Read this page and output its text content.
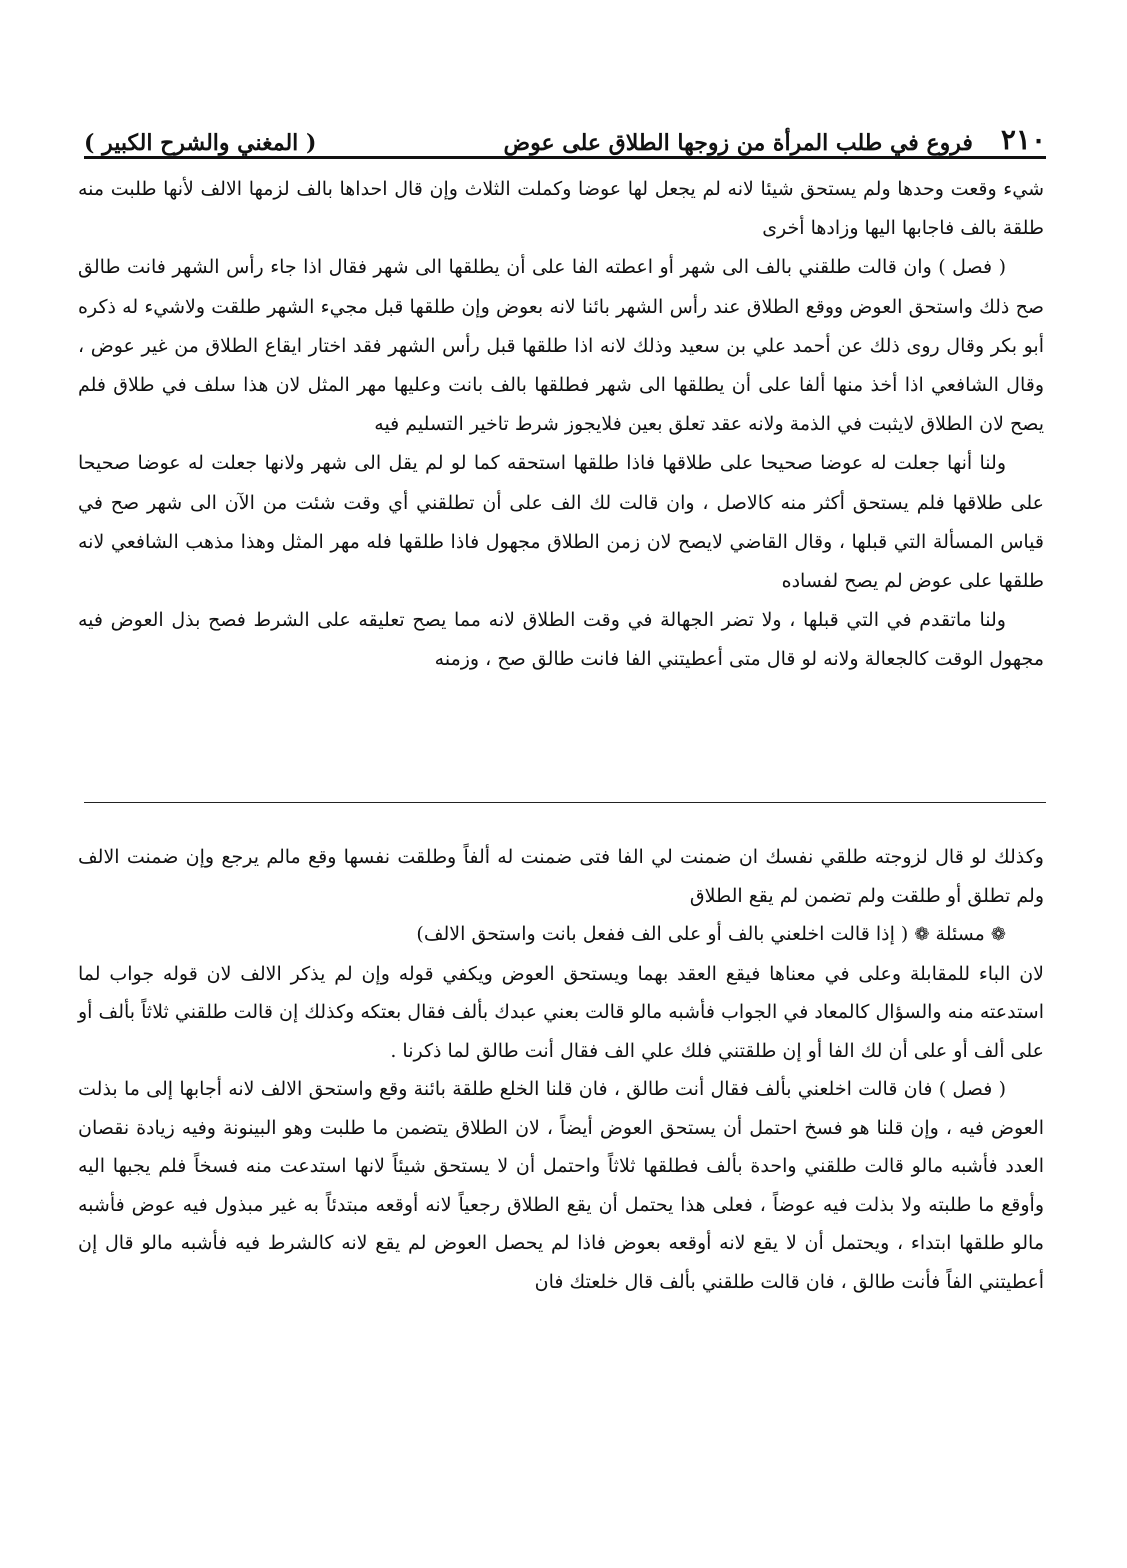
٢١٠
فروع في طلب المرأة من زوجها الطلاق على عوض
( المغني والشرح الكبير )

شيء وقعت وحدها ولم يستحق شيئا لانه لم يجعل لها عوضا وكملت الثلاث وإن قال احداها بالف لزمها الالف لأنها طلبت منه طلقة بالف فاجابها اليها وزادها أخرى

( فصل ) وان قالت طلقني بالف الى شهر أو اعطته الفا على أن يطلقها الى شهر فقال اذا جاء رأس الشهر فانت طالق صح ذلك واستحق العوض ووقع الطلاق عند رأس الشهر بائنا لانه بعوض وإن طلقها قبل مجيء الشهر طلقت ولاشيء له ذكره أبو بكر وقال روى ذلك عن أحمد علي بن سعيد وذلك لانه اذا طلقها قبل رأس الشهر فقد اختار ايقاع الطلاق من غير عوض ، وقال الشافعي اذا أخذ منها ألفا على أن يطلقها الى شهر فطلقها بالف بانت وعليها مهر المثل لان هذا سلف في طلاق فلم يصح لان الطلاق لايثبت في الذمة ولانه عقد تعلق بعين فلايجوز شرط تاخير التسليم فيه

ولنا أنها جعلت له عوضا صحيحا على طلاقها فاذا طلقها استحقه كما لو لم يقل الى شهر ولانها جعلت له عوضا صحيحا على طلاقها فلم يستحق أكثر منه كالاصل ، وان قالت لك الف على أن تطلقني أي وقت شئت من الآن الى شهر صح في قياس المسألة التي قبلها ، وقال القاضي لايصح لان زمن الطلاق مجهول فاذا طلقها فله مهر المثل وهذا مذهب الشافعي لانه طلقها على عوض لم يصح لفساده

ولنا ماتقدم في التي قبلها ، ولا تضر الجهالة في وقت الطلاق لانه مما يصح تعليقه على الشرط فصح بذل العوض فيه مجهول الوقت كالجعالة ولانه لو قال متى أعطيتني الفا فانت طالق صح ، وزمنه

وكذلك لو قال لزوجته طلقي نفسك ان ضمنت لي الفا فتى ضمنت له ألفاً وطلقت نفسها وقع مالم يرجع وإن ضمنت الالف ولم تطلق أو طلقت ولم تضمن لم يقع الطلاق

❁ مسئلة ❁ ( إذا قالت اخلعني بالف أو على الف ففعل بانت واستحق الالف)

لان الباء للمقابلة وعلى في معناها فيقع العقد بهما ويستحق العوض ويكفي قوله وإن لم يذكر الالف لان قوله جواب لما استدعته منه والسؤال كالمعاد في الجواب فأشبه مالو قالت بعني عبدك بألف فقال بعتكه وكذلك إن قالت طلقني ثلاثاً بألف أو على ألف أو على أن لك الفا أو إن طلقتني فلك علي الف فقال أنت طالق لما ذكرنا .

( فصل ) فان قالت اخلعني بألف فقال أنت طالق ، فان قلنا الخلع طلقة بائنة وقع واستحق الالف لانه أجابها إلى ما بذلت العوض فيه ، وإن قلنا هو فسخ احتمل أن يستحق العوض أيضاً ، لان الطلاق يتضمن ما طلبت وهو البينونة وفيه زيادة نقصان العدد فأشبه مالو قالت طلقني واحدة بألف فطلقها ثلاثاً واحتمل أن لا يستحق شيئاً لانها استدعت منه فسخاً فلم يجبها اليه وأوقع ما طلبته ولا بذلت فيه عوضاً ، فعلى هذا يحتمل أن يقع الطلاق رجعياً لانه أوقعه مبتدئاً به غير مبذول فيه عوض فأشبه مالو طلقها ابتداء ، ويحتمل أن لا يقع لانه أوقعه بعوض فاذا لم يحصل العوض لم يقع لانه كالشرط فيه فأشبه مالو قال إن أعطيتني الفاً فأنت طالق ، فان قالت طلقني بألف قال خلعتك فان
